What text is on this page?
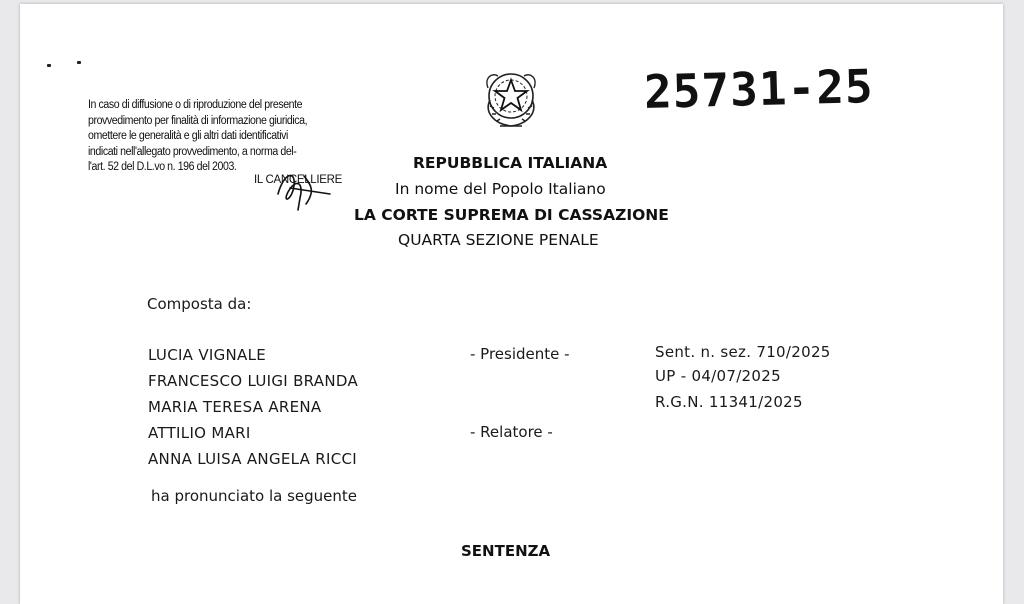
In caso di diffusione o di riproduzione del presente
provvedimento per finalità di informazione giuridica,
omettere le generalità e gli altri dati identificativi
indicati nell'allegato provvedimento, a norma del-
l'art. 52 del D.L.vo n. 196 del 2003.
IL CANCELLIERE
25731-25
REPUBBLICA ITALIANA
In nome del Popolo Italiano
LA CORTE SUPREMA DI CASSAZIONE
QUARTA SEZIONE PENALE
Composta da:
LUCIA VIGNALE
FRANCESCO LUIGI BRANDA
MARIA TERESA ARENA
ATTILIO MARI
ANNA LUISA ANGELA RICCI
- Presidente -
- Relatore -
Sent. n. sez. 710/2025
UP - 04/07/2025
R.G.N. 11341/2025
ha pronunciato la seguente
SENTENZA
